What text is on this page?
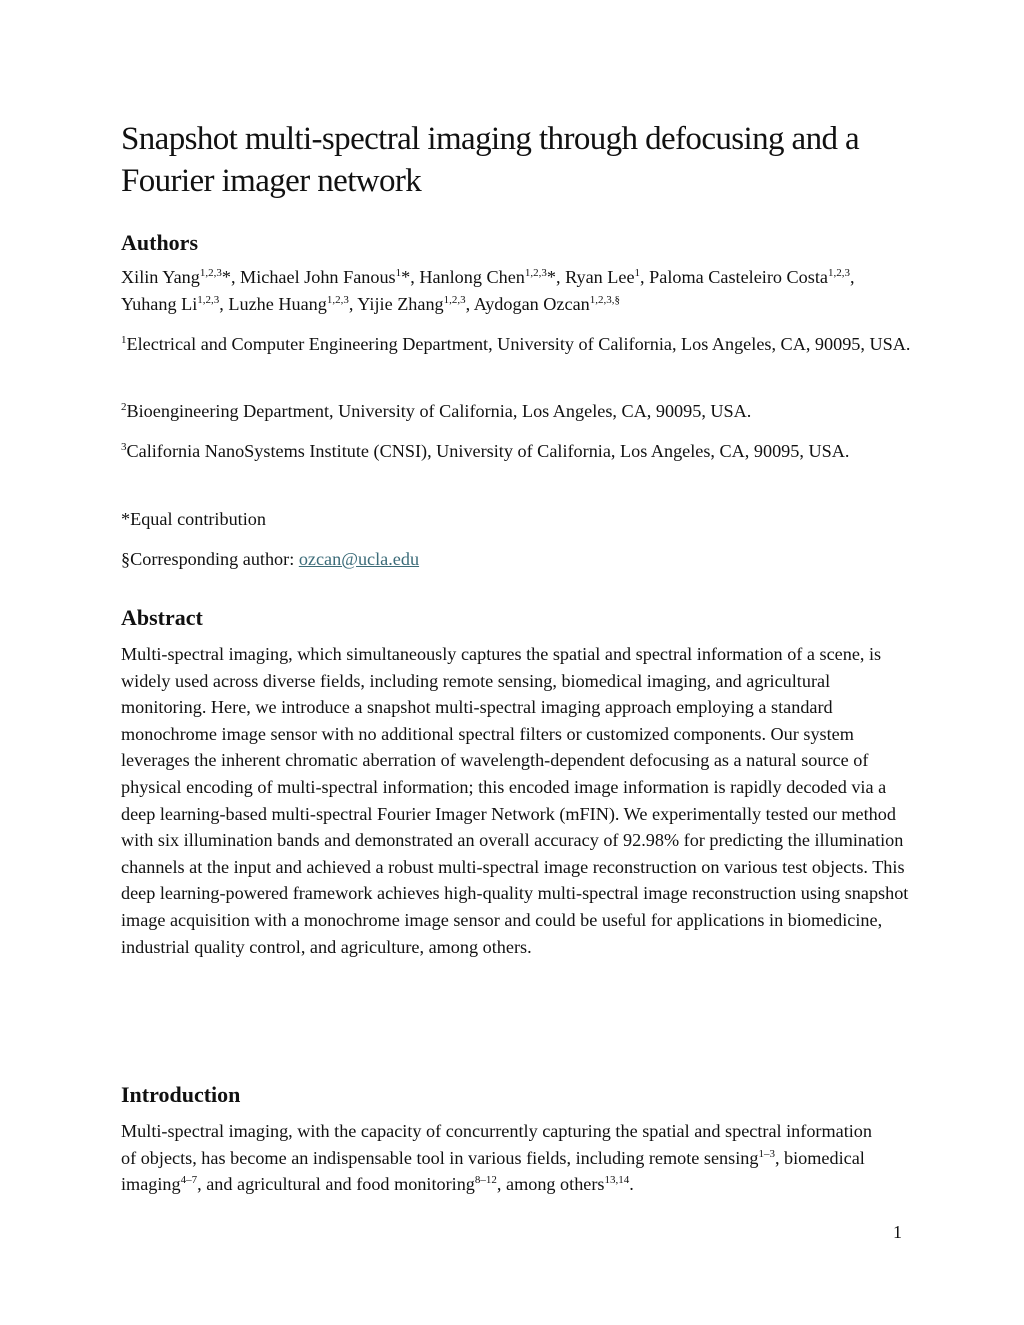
Snapshot multi-spectral imaging through defocusing and a Fourier imager network
Authors

Xilin Yang$^{1,2,3}$*, Michael John Fanous$^1$*, Hanlong Chen$^{1,2,3}$*, Ryan Lee$^1$, Paloma Casteleiro Costa$^{1,2,3}$, Yuhang Li$^{1,2,3}$, Luzhe Huang$^{1,2,3}$, Yijie Zhang$^{1,2,3}$, Aydogan Ozcan$^{1,2,3,\S}$

$^1$Electrical and Computer Engineering Department, University of California, Los Angeles, CA, 90095, USA.

$^2$Bioengineering Department, University of California, Los Angeles, CA, 90095, USA.

$^3$California NanoSystems Institute (CNSI), University of California, Los Angeles, CA, 90095, USA.

*Equal contribution

§Corresponding author: ozcan@ucla.edu

Abstract

Multi-spectral imaging, which simultaneously captures the spatial and spectral information of a scene, is widely used across diverse fields, including remote sensing, biomedical imaging, and agricultural monitoring. Here, we introduce a snapshot multi-spectral imaging approach employing a standard monochrome image sensor with no additional spectral filters or customized components. Our system leverages the inherent chromatic aberration of wavelength-dependent defocusing as a natural source of physical encoding of multi-spectral information; this encoded image information is rapidly decoded via a deep learning-based multi-spectral Fourier Imager Network (mFIN). We experimentally tested our method with six illumination bands and demonstrated an overall accuracy of 92.98% for predicting the illumination channels at the input and achieved a robust multi-spectral image reconstruction on various test objects. This deep learning-powered framework achieves high-quality multi-spectral image reconstruction using snapshot image acquisition with a monochrome image sensor and could be useful for applications in biomedicine, industrial quality control, and agriculture, among others.

Introduction

Multi-spectral imaging, with the capacity of concurrently capturing the spatial and spectral information of objects, has become an indispensable tool in various fields, including remote sensing$^{1-3}$, biomedical imaging$^{4-7}$, and agricultural and food monitoring$^{8-12}$, among others$^{13,14}$.

1
